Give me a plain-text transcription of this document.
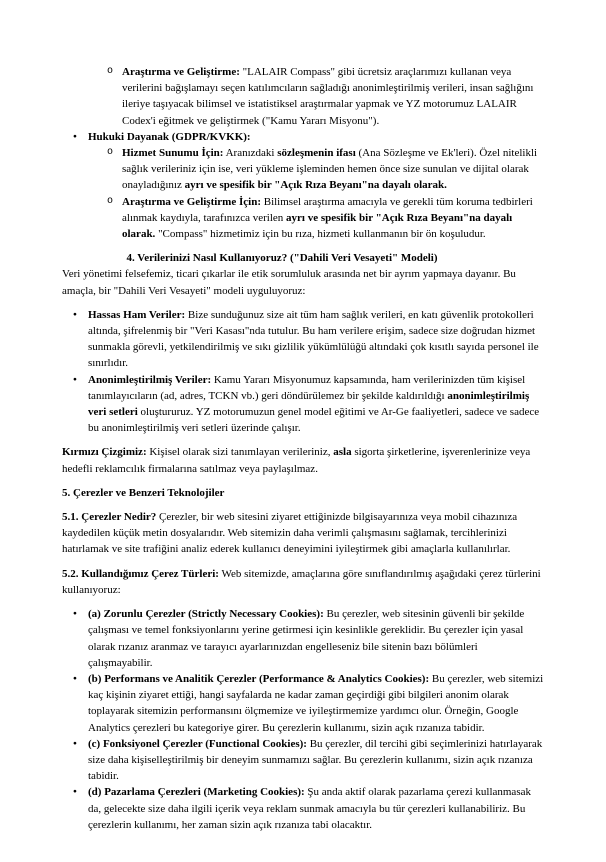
o Araştırma ve Geliştirme: "LALAIR Compass" gibi ücretsiz araçlarımızı kullanan veya verilerini bağışlamayı seçen katılımcıların sağladığı anonimleştirilmiş verileri, insan sağlığını ileriye taşıyacak bilimsel ve istatistiksel araştırmalar yapmak ve YZ motorumuz LALAIR Codex'i eğitmek ve geliştirmek ("Kamu Yararı Misyonu").
● Hukuki Dayanak (GDPR/KVKK):
o Hizmet Sunumu İçin: Aranızdaki sözleşmenin ifası (Ana Sözleşme ve Ek'leri). Özel nitelikli sağlık verileriniz için ise, veri yükleme işleminden hemen önce size sunulan ve dijital olarak onayladığınız ayrı ve spesifik bir "Açık Rıza Beyanı"na dayalı olarak.
o Araştırma ve Geliştirme İçin: Bilimsel araştırma amacıyla ve gerekli tüm koruma tedbirleri alınmak kaydıyla, tarafınızca verilen ayrı ve spesifik bir "Açık Rıza Beyanı"na dayalı olarak. "Compass" hizmetimiz için bu rıza, hizmeti kullanmanın bir ön koşuludur.
4. Verilerinizi Nasıl Kullanıyoruz? ("Dahili Veri Vesayeti" Modeli)
Veri yönetimi felsefemiz, ticari çıkarlar ile etik sorumluluk arasında net bir ayrım yapmaya dayanır. Bu amaçla, bir "Dahili Veri Vesayeti" modeli uyguluyoruz:
● Hassas Ham Veriler: Bize sunduğunuz size ait tüm ham sağlık verileri, en katı güvenlik protokolleri altında, şifrelenmiş bir "Veri Kasası"nda tutulur. Bu ham verilere erişim, sadece size doğrudan hizmet sunmakla görevli, yetkilendirilmiş ve sıkı gizlilik yükümlülüğü altındaki çok kısıtlı sayıda personel ile sınırlıdır.
● Anonimleştirilmiş Veriler: Kamu Yararı Misyonumuz kapsamında, ham verilerinizden tüm kişisel tanımlayıcıların (ad, adres, TCKN vb.) geri döndürülemez bir şekilde kaldırıldığı anonimleştirilmiş veri setleri oluştururuz. YZ motorumuzun genel model eğitimi ve Ar-Ge faaliyetleri, sadece ve sadece bu anonimleştirilmiş veri setleri üzerinde çalışır.
Kırmızı Çizgimiz: Kişisel olarak sizi tanımlayan verileriniz, asla sigorta şirketlerine, işverenlerinize veya hedefli reklamcılık firmalarına satılmaz veya paylaşılmaz.
5. Çerezler ve Benzeri Teknolojiler
5.1. Çerezler Nedir? Çerezler, bir web sitesini ziyaret ettiğinizde bilgisayarınıza veya mobil cihazınıza kaydedilen küçük metin dosyalarıdır. Web sitemizin daha verimli çalışmasını sağlamak, tercihlerinizi hatırlamak ve site trafiğini analiz ederek kullanıcı deneyimini iyileştirmek gibi amaçlarla kullanılırlar.
5.2. Kullandığımız Çerez Türleri: Web sitemizde, amaçlarına göre sınıflandırılmış aşağıdaki çerez türlerini kullanıyoruz:
● (a) Zorunlu Çerezler (Strictly Necessary Cookies): Bu çerezler, web sitesinin güvenli bir şekilde çalışması ve temel fonksiyonlarını yerine getirmesi için kesinlikle gereklidir. Bu çerezler için yasal olarak rızanız aranmaz ve tarayıcı ayarlarınızdan engelleseniz bile sitenin bazı bölümleri çalışmayabilir.
● (b) Performans ve Analitik Çerezler (Performance & Analytics Cookies): Bu çerezler, web sitemizi kaç kişinin ziyaret ettiği, hangi sayfalarda ne kadar zaman geçirdiği gibi bilgileri anonim olarak toplayarak sitemizin performansını ölçmemize ve iyileştirmemize yardımcı olur. Örneğin, Google Analytics çerezleri bu kategoriye girer. Bu çerezlerin kullanımı, sizin açık rızanıza tabidir.
● (c) Fonksiyonel Çerezler (Functional Cookies): Bu çerezler, dil tercihi gibi seçimlerinizi hatırlayarak size daha kişiselleştirilmiş bir deneyim sunmamızı sağlar. Bu çerezlerin kullanımı, sizin açık rızanıza tabidir.
● (d) Pazarlama Çerezleri (Marketing Cookies): Şu anda aktif olarak pazarlama çerezi kullanmasak da, gelecekte size daha ilgili içerik veya reklam sunmak amacıyla bu tür çerezleri kullanabiliriz. Bu çerezlerin kullanımı, her zaman sizin açık rızanıza tabi olacaktır.
